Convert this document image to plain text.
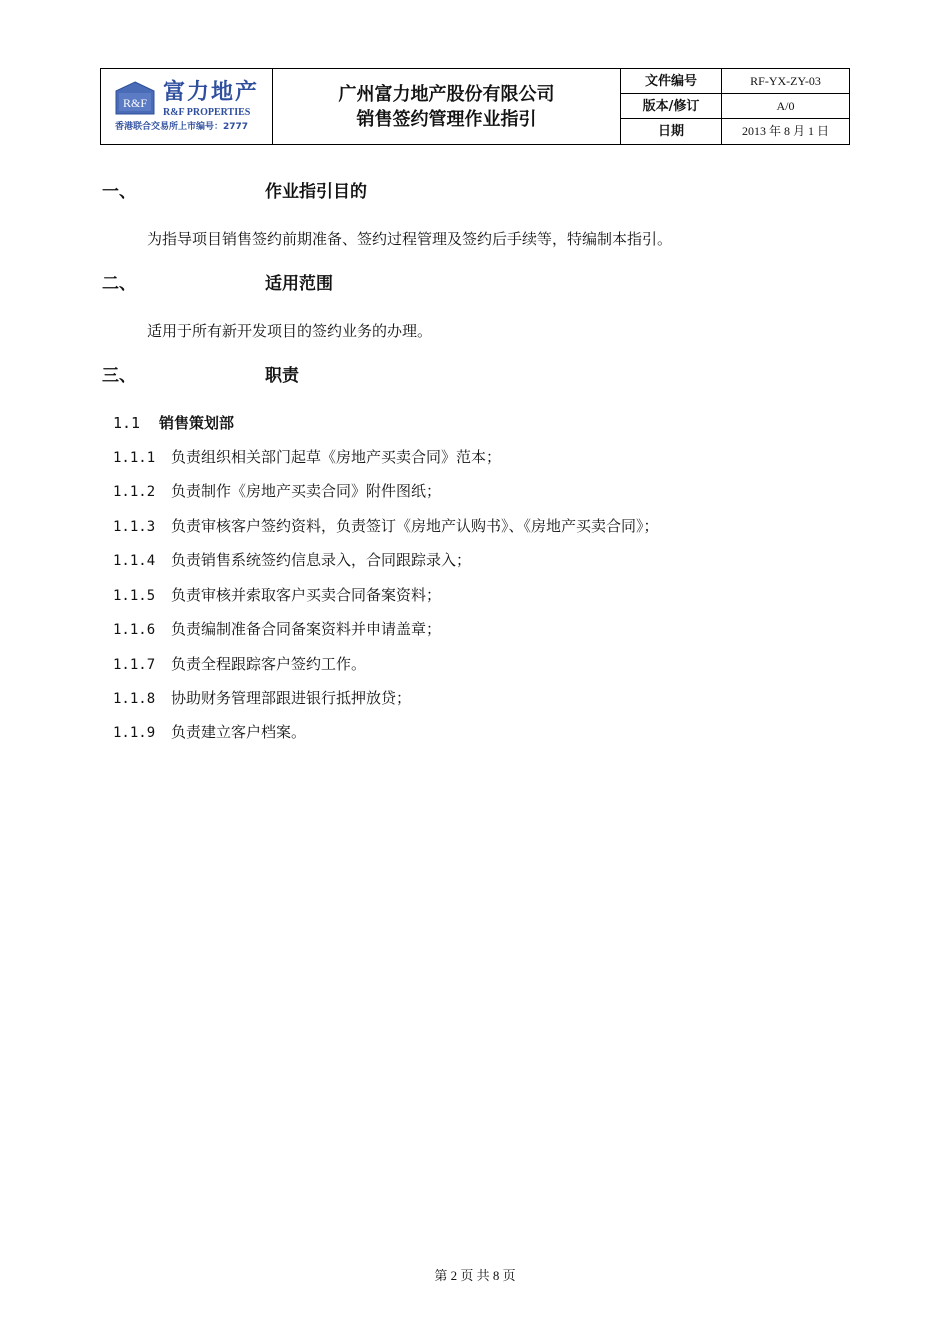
R&F 富力地产
R&F PROPERTIES
香港联合交易所上市编号：2777
广州富力地产股份有限公司
销售签约管理作业指引
文件编号	RF-YX-ZY-03
版本/修订	A/0
日期	2013 年 8 月 1 日
一、	作业指引目的
为指导项目销售签约前期准备、签约过程管理及签约后手续等，特编制本指引。
二、	适用范围
适用于所有新开发项目的签约业务的办理。
三、	职责
1.1 销售策划部
1.1.1 负责组织相关部门起草《房地产买卖合同》范本；
1.1.2 负责制作《房地产买卖合同》附件图纸；
1.1.3 负责审核客户签约资料，负责签订《房地产认购书》、《房地产买卖合同》；
1.1.4 负责销售系统签约信息录入，合同跟踪录入；
1.1.5 负责审核并索取客户买卖合同备案资料；
1.1.6 负责编制准备合同备案资料并申请盖章；
1.1.7 负责全程跟踪客户签约工作。
1.1.8 协助财务管理部跟进银行抵押放贷；
1.1.9 负责建立客户档案。
第 2 页 共 8 页
